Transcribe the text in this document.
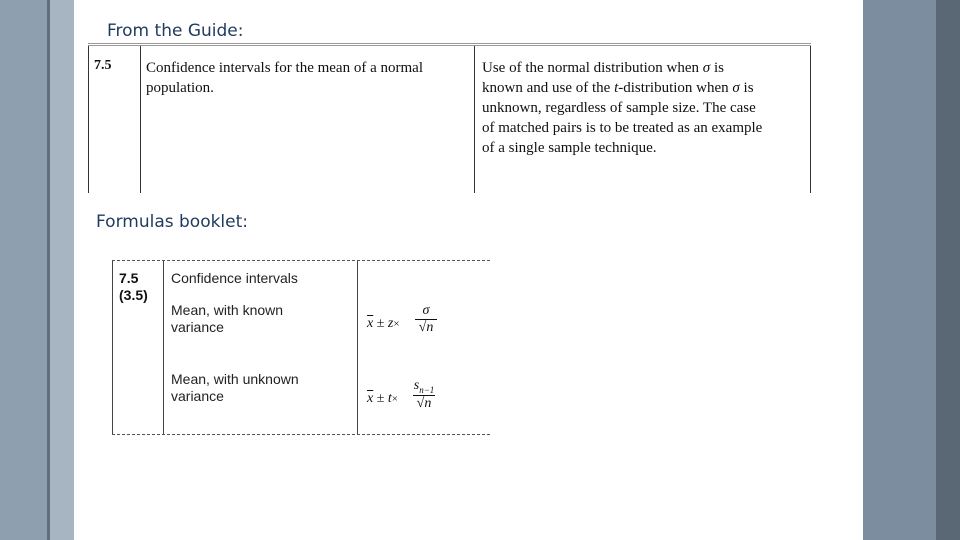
From the Guide:
7.5 Confidence intervals for the mean of a normal
population.
Use of the normal distribution when σ is
known and use of the t-distribution when σ is
unknown, regardless of sample size. The case
of matched pairs is to be treated as an example
of a single sample technique.
Formulas booklet:
7.5
(3.5)
Confidence intervals
Mean, with known
variance
Mean, with unknown
variance
$\overline{x} \pm z\times$
σ
√n
$\overline{x} \pm t\times$
$s_{n-1}$
√n
